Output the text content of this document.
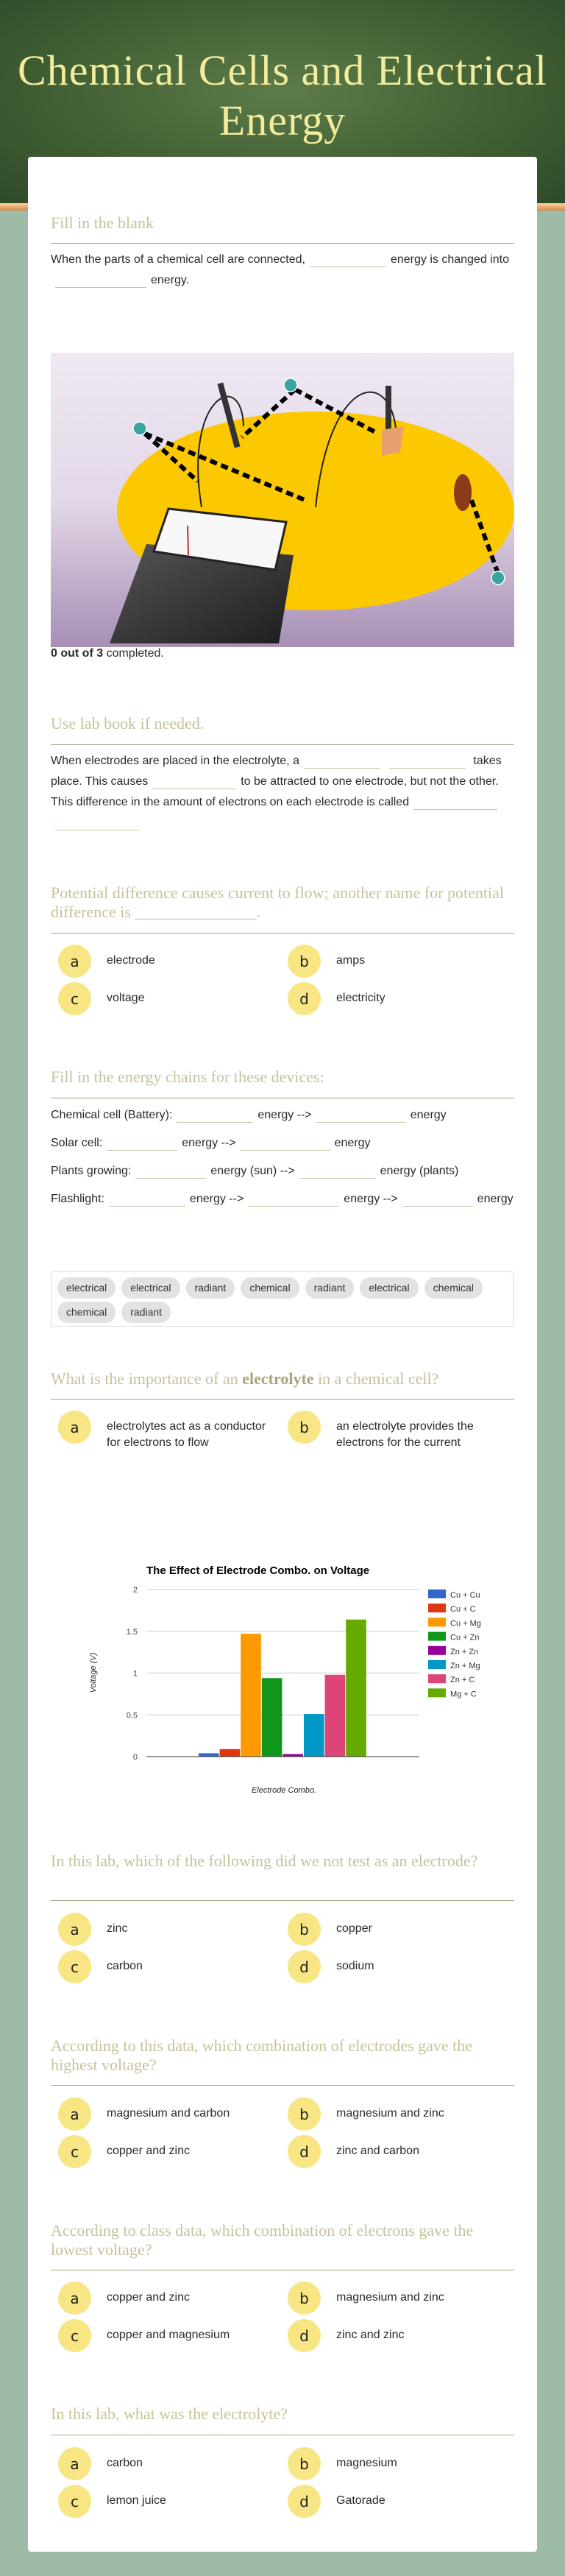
Chemical Cells and Electrical Energy
Fill in the blank
When the parts of a chemical cell are connected,	energy is changed intoenergy.
0 out of 3 completed.
Use lab book if needed.
When electrodes are placed in the electrolyte, a	takes place. This causes	to be attracted to one electrode, but not the other. This difference in the amount of electrons on each electrode is called
Potential difference causes current to flow; another name for potential difference is _______________.
a	electrode	b	amps
c	voltage	d	electricity
Fill in the energy chains for these devices:
Chemical cell (Battery):	energy -->	energy
Solar cell:	energy -->	energy
Plants growing:	energy (sun) -->	energy (plants)
Flashlight:	energy -->	energy -->	energy
electrical	electrical	radiant	chemical	radiant	electrical	chemical
chemical	radiant
What is the importance of an electrolyte in a chemical cell?
a	electrolytes act as a conductor for electrons to flow
b	an electrolyte provides the electrons for the current
The Effect of Electrode Combo. on Voltage
0
0.5
1
1.5
2
Cu + Cu
Cu + C
Cu + Mg
Cu + Zn
Zn + Zn
Zn + Mg
Zn + C
Mg + C
Electrode Combo.
Voltage (V)
In this lab, which of the following did we not test as an electrode?
a	zinc	b	copper
c	carbon	d	sodium
According to this data, which combination of electrodes gave the highest voltage?
a	magnesium and carbon	b	magnesium and zinc
c	copper and zinc	d	zinc and carbon
According to class data, which combination of electrons gave the lowest voltage?
a	copper and zinc	b	magnesium and zinc
c	copper and magnesium	d	zinc and zinc
In this lab, what was the electrolyte?
a	carbon	b	magnesium
c	lemon juice	d	Gatorade
